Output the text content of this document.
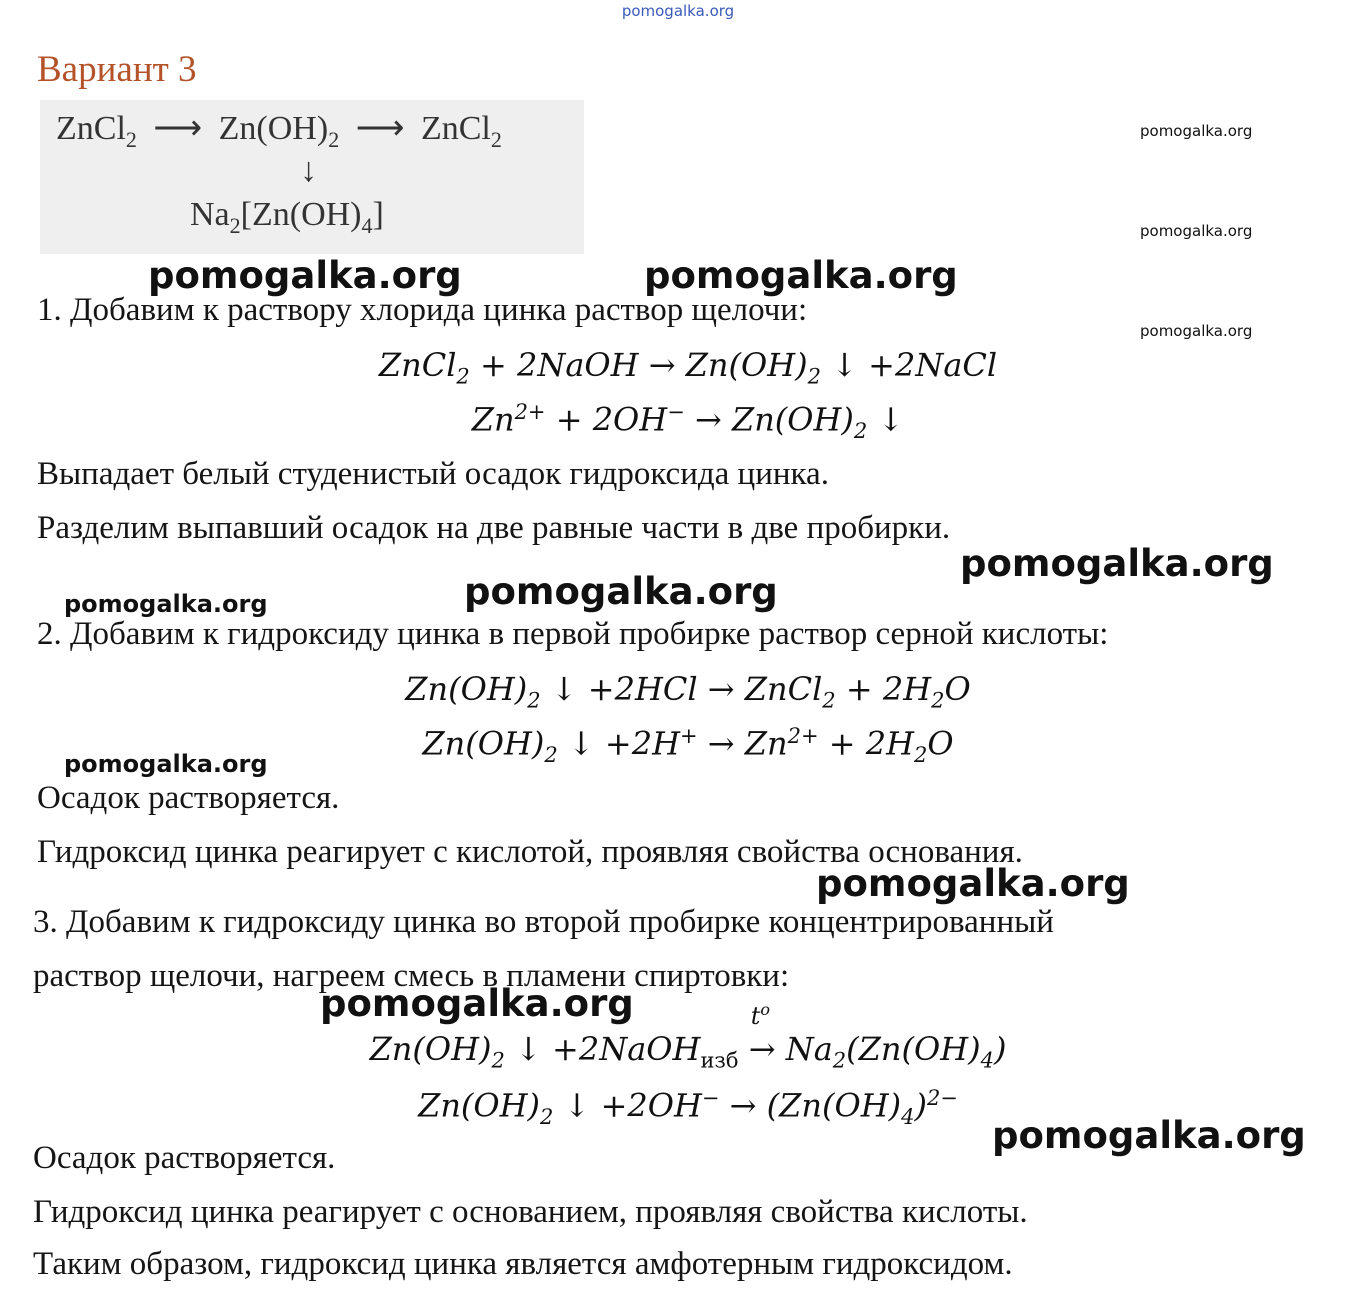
pomogalka.org
Вариант 3
ZnCl$_2$ ⟶ $Zn(OH)_2$ ⟶ ZnCl$_2$
↓
$Na_2[Zn(OH)_4]$
pomogalka.org
pomogalka.org
pomogalka.org
pomogalka.org	pomogalka.org
pomogalka.org
pomogalka.org	pomogalka.org
pomogalka.org
pomogalka.org
pomogalka.org
pomogalka.org
1. Добавим к раствору хлорида цинка раствор щелочи:
ZnCl$_2$ + 2NaOH → $Zn(OH)_2$ ↓ +2NaCl
$Zn^{2+} + 2OH^- \to Zn(OH)_2$ ↓
Выпадает белый студенистый осадок гидроксида цинка.
Разделим выпавший осадок на две равные части в две пробирки.
2. Добавим к гидроксиду цинка в первой пробирке раствор серной кислоты:
$Zn(OH)_2$ ↓ +2HCl → ZnCl$_2$ + $2H_2O$
$Zn(OH)_2$ ↓ $+2H^+ \to Zn^{2+} + 2H_2O$
Осадок растворяется.
Гидроксид цинка реагирует с кислотой, проявляя свойства основания.
3. Добавим к гидроксиду цинка во второй пробирке концентрированный
раствор щелочи, нагреем смесь в пламени спиртовки:
$Zn(OH)_2$ ↓ +2NaOH$_{изб}$
$t^o$
→ $Na_2(Zn(OH)_4)$
$Zn(OH)_2$ ↓ $+2OH^- \to (Zn(OH)_4)^{2-}$
Осадок растворяется.
Гидроксид цинка реагирует с основанием, проявляя свойства кислоты.
Таким образом, гидроксид цинка является амфотерным гидроксидом.
